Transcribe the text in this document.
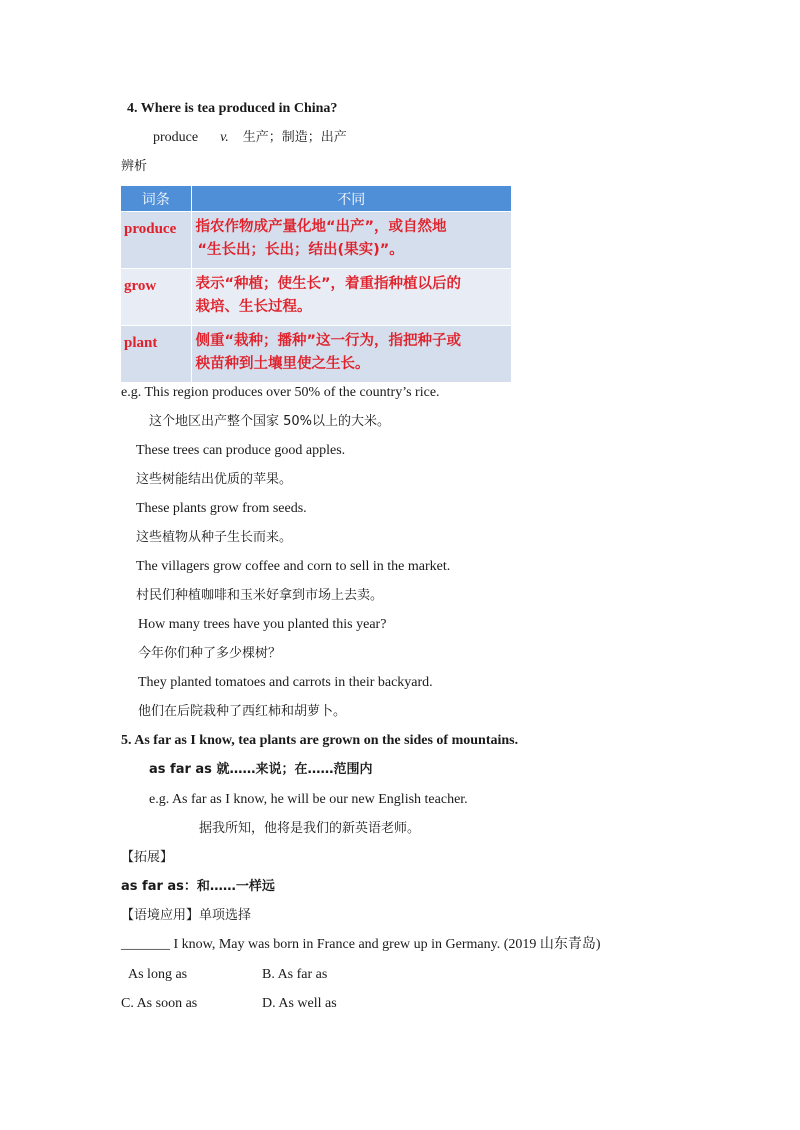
4. Where is tea produced in China?
produce v. 生产；制造；出产
辨析
词条	不同
produce	指农作物成产量化地“出产”，或自然地
“生长出；长出；结出(果实)”。

grow	表示“种植；使生长”，着重指种植以后的
栽培、生长过程。

plant	侧重“栽种；播种”这一行为，指把种子或
秧苗种到土壤里使之生长。
e.g. This region produces over 50% of the country’s rice.
这个地区出产整个国家 50%以上的大米。
These trees can produce good apples.
这些树能结出优质的苹果。
These plants grow from seeds.
这些植物从种子生长而来。
The villagers grow coffee and corn to sell in the market.
村民们种植咖啡和玉米好拿到市场上去卖。
How many trees have you planted this year?
今年你们种了多少棵树？
They planted tomatoes and carrots in their backyard.
他们在后院栽种了西红柿和胡萝卜。
5. As far as I know, tea plants are grown on the sides of mountains.
as far as 就……来说；在……范围内
e.g. As far as I know, he will be our new English teacher.
据我所知，他将是我们的新英语老师。
【拓展】
as far as：和……一样远
【语境应用】单项选择
_______ I know, May was born in France and grew up in Germany. (2019 山东青岛)
As long as	B. As far as
C. As soon as	D. As well as
